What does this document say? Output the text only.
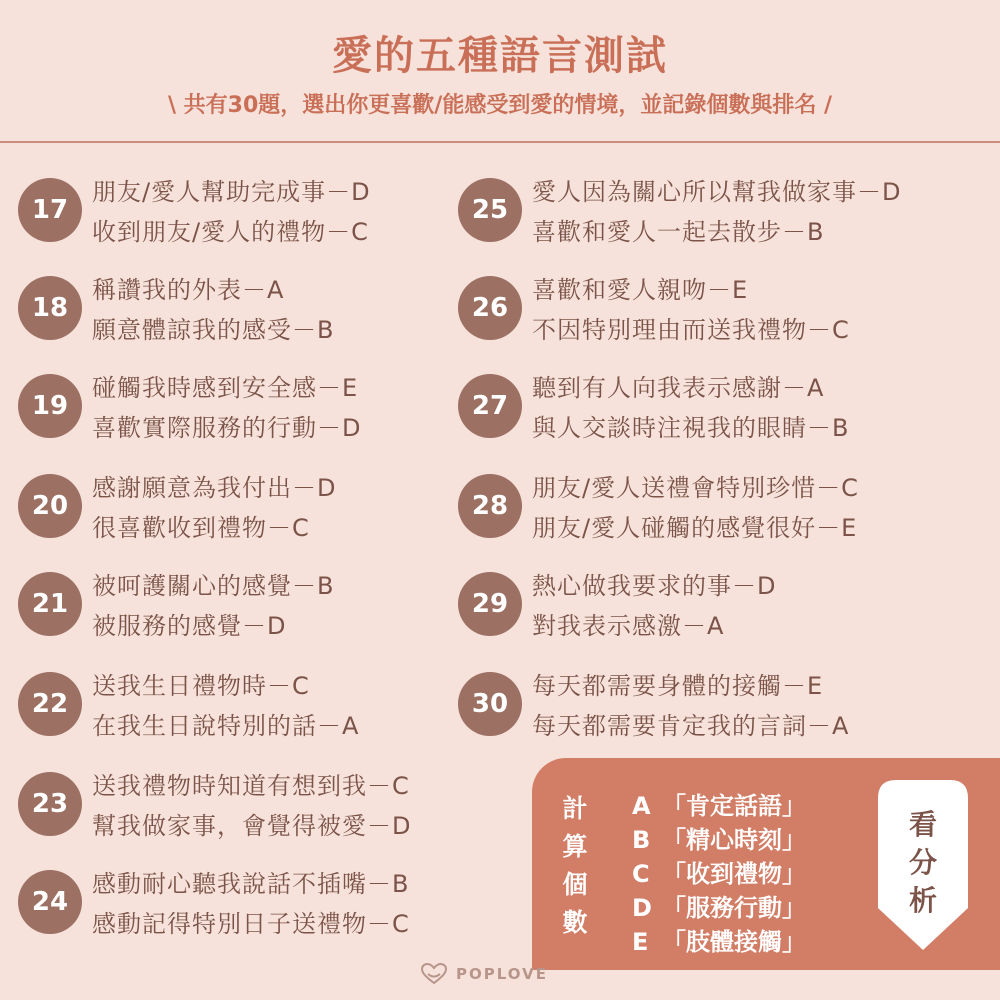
愛的五種語言測試
\ 共有30題，選出你更喜歡/能感受到愛的情境，並記錄個數與排名 /
17
朋友/愛人幫助完成事－D
收到朋友/愛人的禮物－C
18
稱讚我的外表－A
願意體諒我的感受－B
19
碰觸我時感到安全感－E
喜歡實際服務的行動－D
20
感謝願意為我付出－D
很喜歡收到禮物－C
21
被呵護關心的感覺－B
被服務的感覺－D
22
送我生日禮物時－C
在我生日說特別的話－A
23
送我禮物時知道有想到我－C
幫我做家事，會覺得被愛－D
24
感動耐心聽我說話不插嘴－B
感動記得特別日子送禮物－C
25
愛人因為關心所以幫我做家事－D
喜歡和愛人一起去散步－B
26
喜歡和愛人親吻－E
不因特別理由而送我禮物－C
27
聽到有人向我表示感謝－A
與人交談時注視我的眼睛－B
28
朋友/愛人送禮會特別珍惜－C
朋友/愛人碰觸的感覺很好－E
29
熱心做我要求的事－D
對我表示感激－A
30
每天都需要身體的接觸－E
每天都需要肯定我的言詞－A
計
算
個
數
A 「肯定話語」
B 「精心時刻」
C 「收到禮物」
D 「服務行動」
E 「肢體接觸」
看
分
析
POPLOVE
